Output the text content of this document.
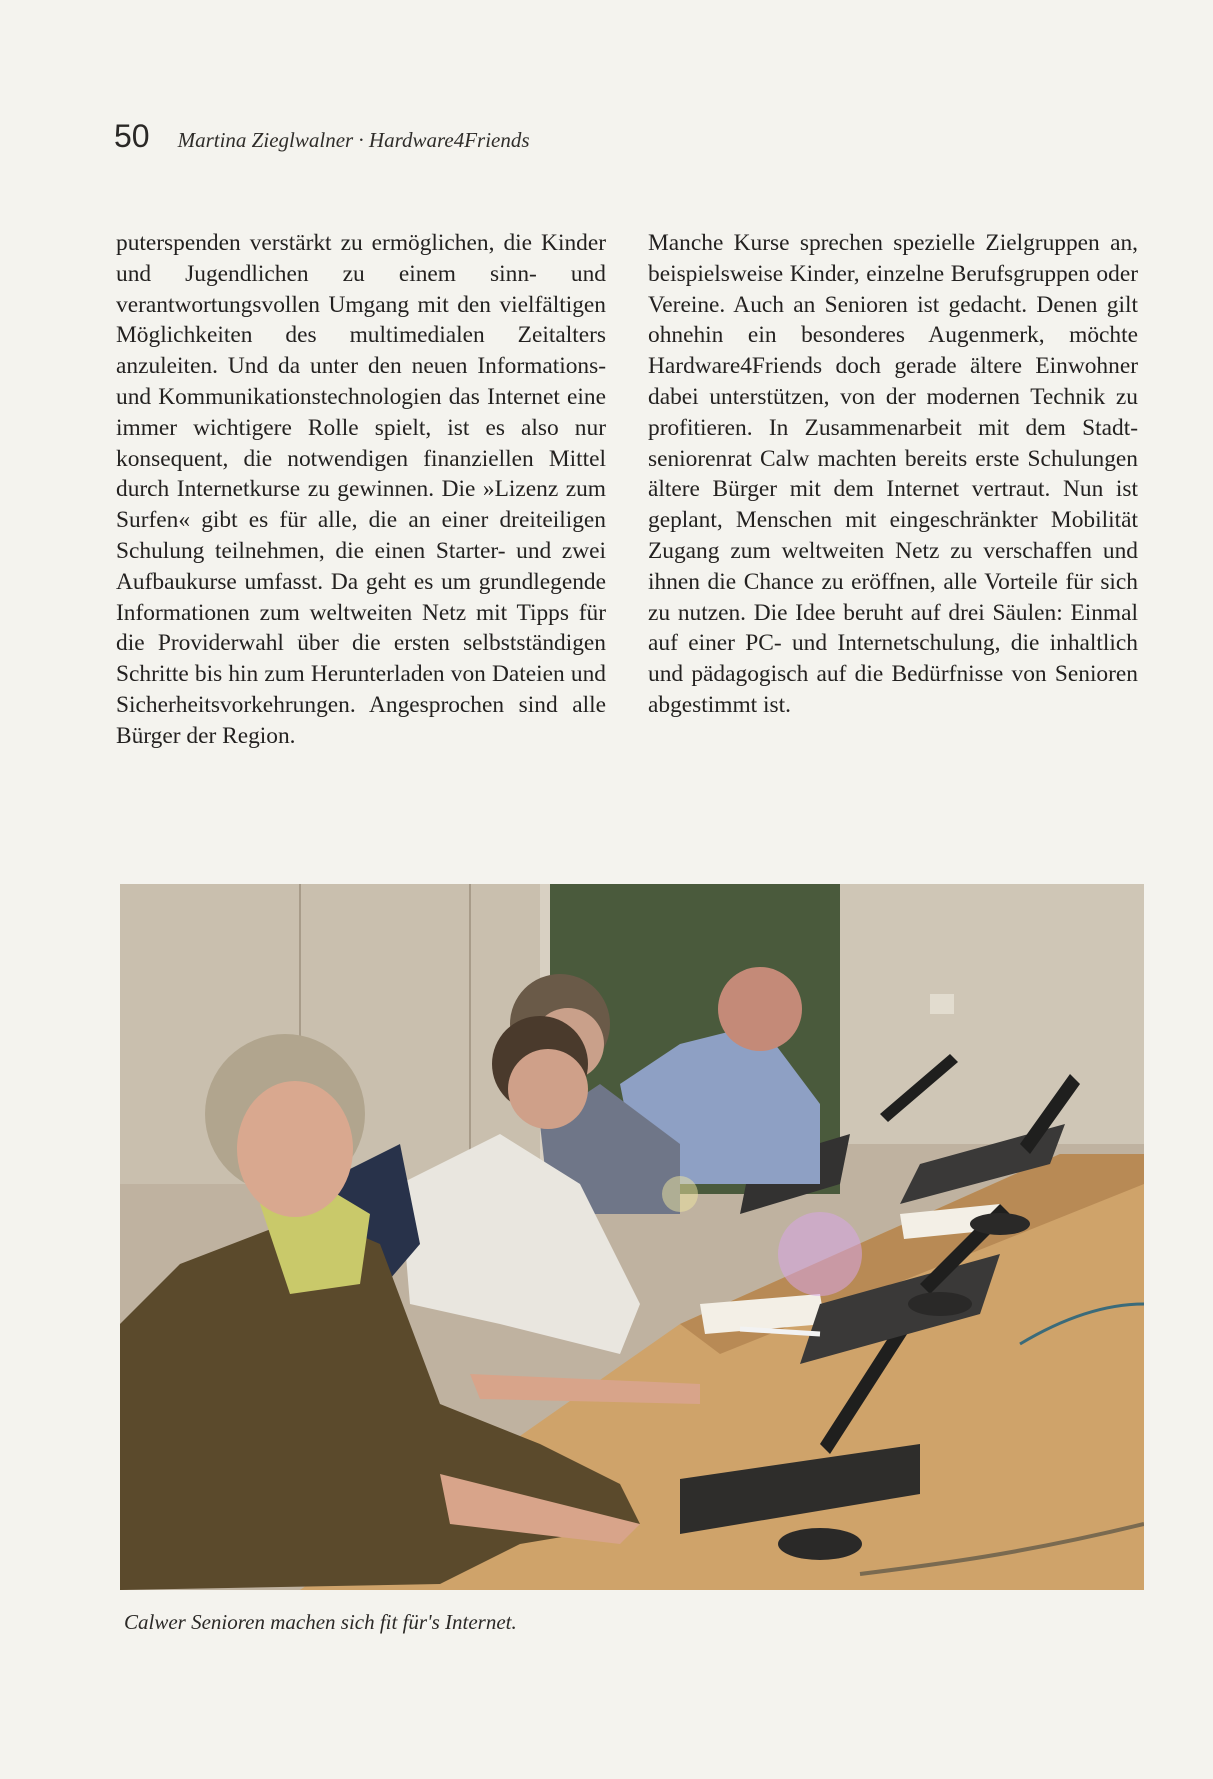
50 Martina Zieglwalner · Hardware4Friends

puterspenden verstärkt zu ermöglichen, die Kinder und Jugendlichen zu einem sinn- und verantwortungsvollen Umgang mit den vielfältigen Möglichkeiten des multimedialen Zeitalters anzuleiten. Und da unter den neuen Informations- und Kommunikationstechnologien das Internet eine immer wichtigere Rolle spielt, ist es also nur konsequent, die notwendigen finanziellen Mittel durch Internetkurse zu gewinnen. Die »Lizenz zum Surfen« gibt es für alle, die an einer dreiteiligen Schulung teilnehmen, die einen Starter- und zwei Aufbaukurse umfasst. Da geht es um grundlegende Informationen zum weltweiten Netz mit Tipps für die Providerwahl über die ersten selbstständigen Schritte bis hin zum Herunterladen von Dateien und Sicherheitsvorkehrungen. Angesprochen sind alle Bürger der Region.

Manche Kurse sprechen spezielle Zielgruppen an, beispielsweise Kinder, einzelne Berufsgruppen oder Vereine. Auch an Senioren ist gedacht. Denen gilt ohnehin ein besonderes Augenmerk, möchte Hardware4Friends doch gerade ältere Einwohner dabei unterstützen, von der modernen Technik zu profitieren. In Zusammenarbeit mit dem Stadtseniorenrat Calw machten bereits erste Schulungen ältere Bürger mit dem Internet vertraut. Nun ist geplant, Menschen mit eingeschränkter Mobilität Zugang zum weltweiten Netz zu verschaffen und ihnen die Chance zu eröffnen, alle Vorteile für sich zu nutzen. Die Idee beruht auf drei Säulen: Einmal auf einer PC- und Internetschulung, die inhaltlich und pädagogisch auf die Bedürfnisse von Senioren abgestimmt ist.

Calwer Senioren machen sich fit für's Internet.
